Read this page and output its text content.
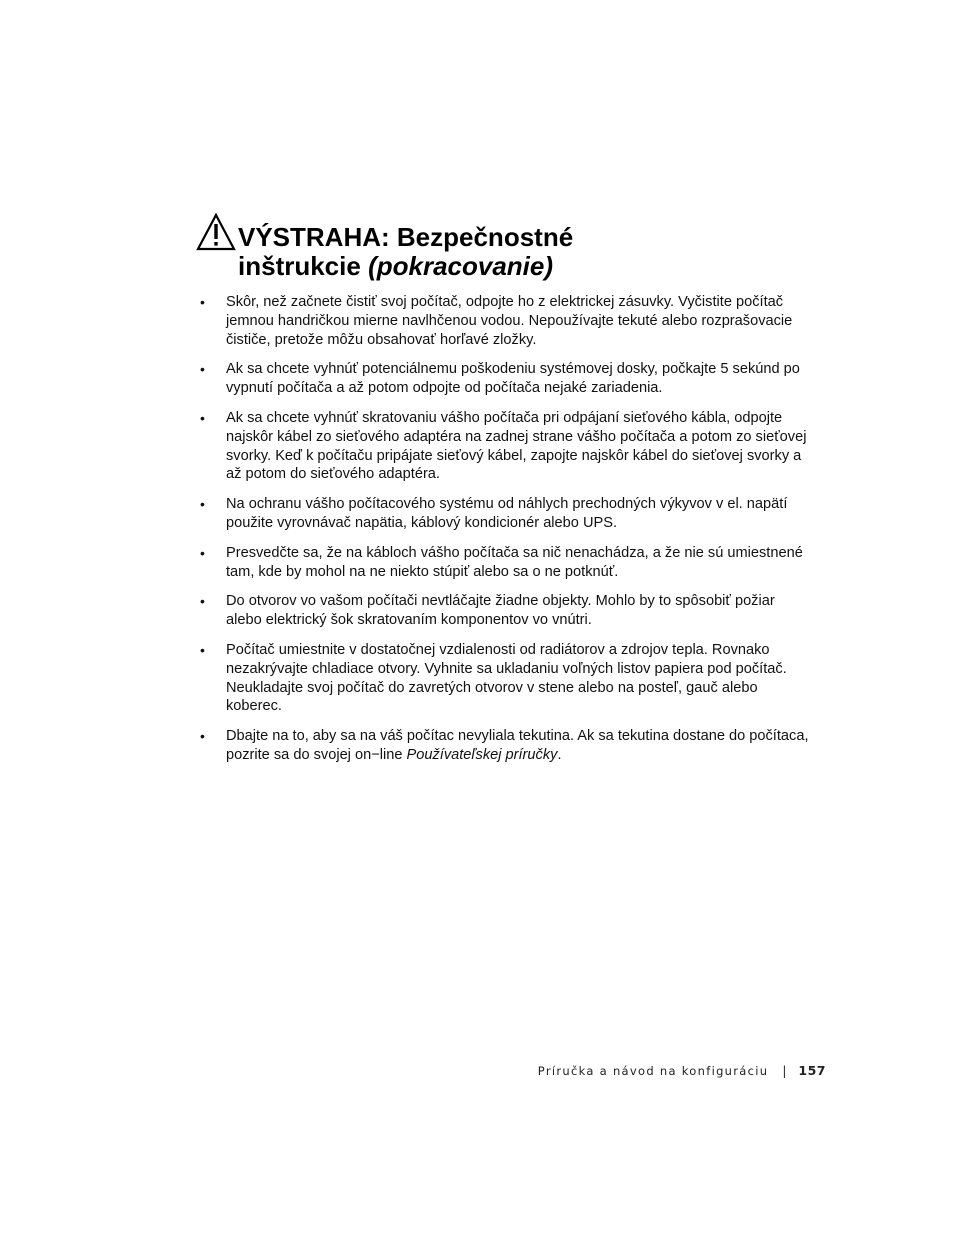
VÝSTRAHA: Bezpečnostné
inštrukcie (pokracovanie)
• Skôr, než začnete čistiť svoj počítač, odpojte ho z elektrickej zásuvky. Vyčistite počítač jemnou handričkou mierne navlhčenou vodou. Nepoužívajte tekuté alebo rozprašovacie čističe, pretože môžu obsahovať horľavé zložky.
• Ak sa chcete vyhnúť potenciálnemu poškodeniu systémovej dosky, počkajte 5 sekúnd po vypnutí počítača a až potom odpojte od počítača nejaké zariadenia.
• Ak sa chcete vyhnúť skratovaniu vášho počítača pri odpájaní sieťového kábla, odpojte najskôr kábel zo sieťového adaptéra na zadnej strane vášho počítača a potom zo sieťovej svorky. Keď k počítaču pripájate sieťový kábel, zapojte najskôr kábel do sieťovej svorky a až potom do sieťového adaptéra.
• Na ochranu vášho počítacového systému od náhlych prechodných výkyvov v el. napätí použite vyrovnávač napätia, káblový kondicionér alebo UPS.
• Presvedčte sa, že na kábloch vášho počítača sa nič nenachádza, a že nie sú umiestnené tam, kde by mohol na ne niekto stúpiť alebo sa o ne potknúť.
• Do otvorov vo vašom počítači nevtláčajte žiadne objekty. Mohlo by to spôsobiť požiar alebo elektrický šok skratovaním komponentov vo vnútri.
• Počítač umiestnite v dostatočnej vzdialenosti od radiátorov a zdrojov tepla. Rovnako nezakrývajte chladiace otvory. Vyhnite sa ukladaniu voľných listov papiera pod počítač. Neukladajte svoj počítač do zavretých otvorov v stene alebo na posteľ, gauč alebo koberec.
• Dbajte na to, aby sa na váš počítac nevyliala tekutina. Ak sa tekutina dostane do počítaca, pozrite sa do svojej on−line Používateľskej príručky.
Príručka a návod na konfiguráciu | 157
